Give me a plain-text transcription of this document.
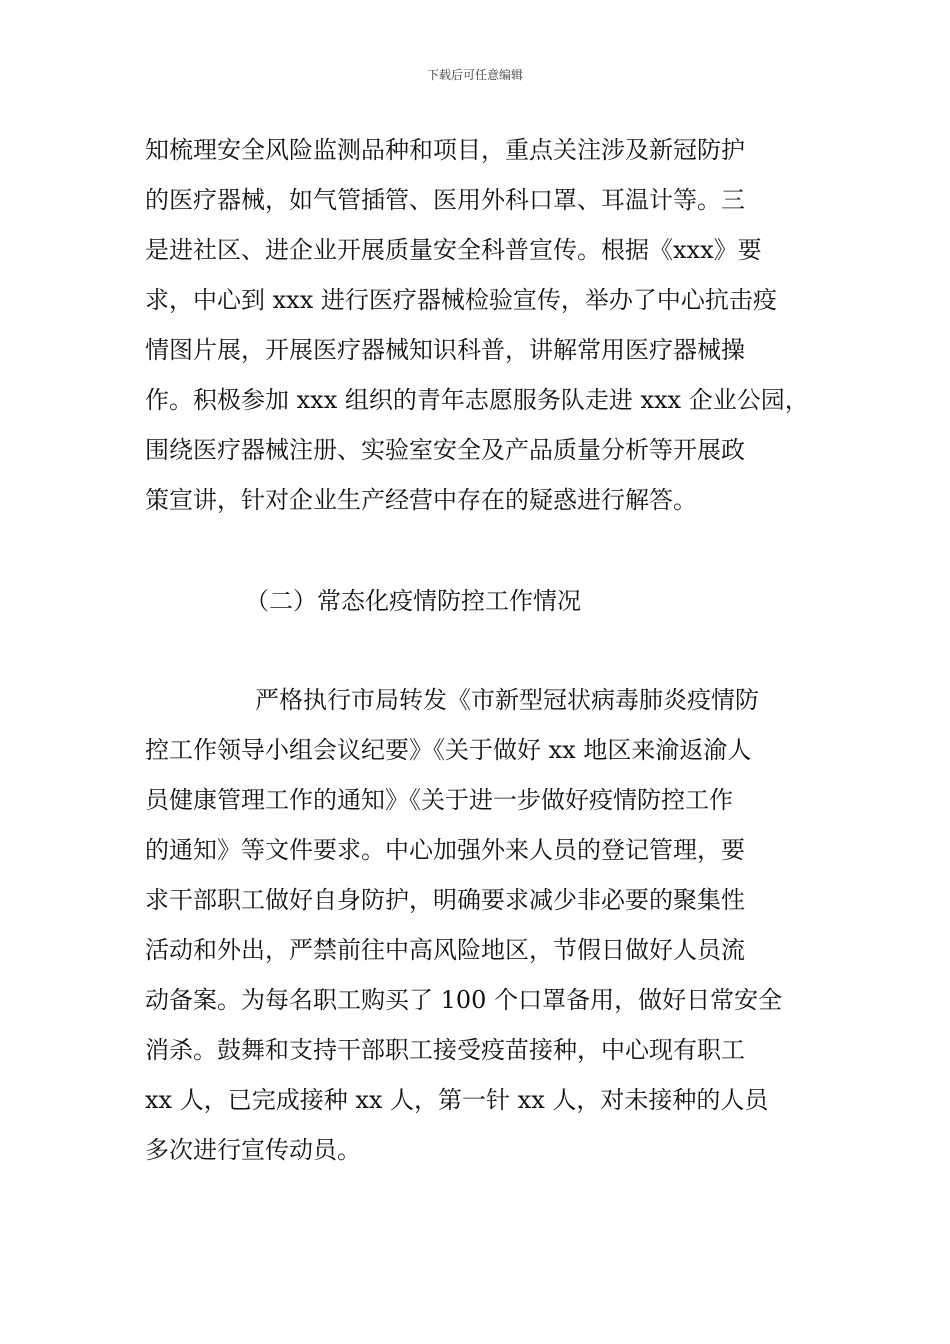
下载后可任意编辑

知梳理安全风险监测品种和项目，重点关注涉及新冠防护
的医疗器械，如气管插管、医用外科口罩、耳温计等。三
是进社区、进企业开展质量安全科普宣传。根据《xxx》要
求，中心到 xxx 进行医疗器械检验宣传，举办了中心抗击疫
情图片展，开展医疗器械知识科普，讲解常用医疗器械操
作。积极参加 xxx 组织的青年志愿服务队走进 xxx 企业公园，
围绕医疗器械注册、实验室安全及产品质量分析等开展政
策宣讲，针对企业生产经营中存在的疑惑进行解答。

（二）常态化疫情防控工作情况

严格执行市局转发《市新型冠状病毒肺炎疫情防
控工作领导小组会议纪要》《关于做好 xx 地区来渝返渝人
员健康管理工作的通知》《关于进一步做好疫情防控工作
的通知》等文件要求。中心加强外来人员的登记管理，要
求干部职工做好自身防护，明确要求减少非必要的聚集性
活动和外出，严禁前往中高风险地区，节假日做好人员流
动备案。为每名职工购买了 100 个口罩备用，做好日常安全
消杀。鼓舞和支持干部职工接受疫苗接种，中心现有职工
xx 人，已完成接种 xx 人，第一针 xx 人，对未接种的人员
多次进行宣传动员。
